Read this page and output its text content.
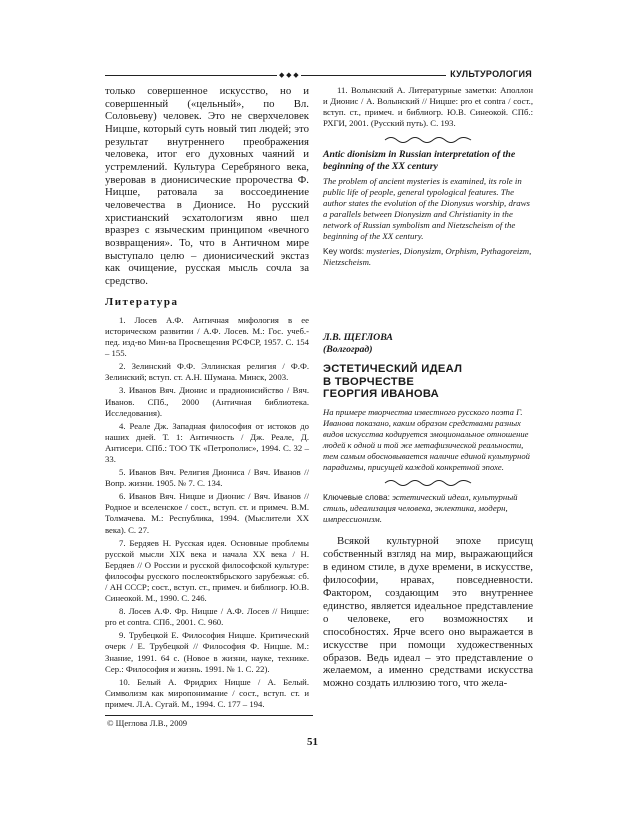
◆ ◆ ◆	КУЛЬТУРОЛОГИЯ

только совершенное искусство, но и совершенный («цельный», по Вл. Соловьеву) человек. Это не сверхчеловек Ницше, который суть новый тип людей; это результат внутреннего преображения человека, итог его духовных чаяний и устремлений. Культура Серебряного века, уверовав в дионисические пророчества Ф. Ницше, ратовала за воссоединение человечества в Дионисе. Но русский христианский эсхатологизм явно шел вразрез с языческим принципом «вечного возвращения». То, что в Античном мире выступало целю – дионисический экстаз как очищение, русская мысль сочла за средство.

Литература

1. Лосев А.Ф. Античная мифология в ее историческом развитии / А.Ф. Лосев. М.: Гос. учеб.-пед. изд-во Мин-ва Просвещения РСФСР, 1957. С. 154 – 155.

2. Зелинский Ф.Ф. Эллинская религия / Ф.Ф. Зелинский; вступ. ст. А.Н. Шумана. Минск, 2003.

3. Иванов Вяч. Дионис и прадионисийство / Вяч. Иванов. СПб., 2000 (Античная библиотека. Исследования).

4. Реале Дж. Западная философия от истоков до наших дней. Т. 1: Античность / Дж. Реале, Д. Антисери. СПб.: ТОО ТК «Петрополис», 1994. С. 32 – 33.

5. Иванов Вяч. Религия Диониса / Вяч. Иванов // Вопр. жизни. 1905. № 7. С. 134.

6. Иванов Вяч. Ницше и Дионис / Вяч. Иванов // Родное и вселенское / сост., вступ. ст. и примеч. В.М. Толмачева. М.: Республика, 1994. (Мыслители XX века). С. 27.

7. Бердяев Н. Русская идея. Основные проблемы русской мысли XIX века и начала XX века / Н. Бердяев // О России и русской философской культуре: философы русского послеоктябрьского зарубежья: сб. / АН СССР; сост., вступ. ст., примеч. и библиогр. Ю.В. Синеокой. М., 1990. С. 246.

8. Лосев А.Ф. Фр. Ницше / А.Ф. Лосев // Ницше: pro et contra. СПб., 2001. С. 960.

9. Трубецкой Е. Философия Ницше. Критический очерк / Е. Трубецкой // Философия Ф. Ницше. М.: Знание, 1991. 64 с. (Новое в жизни, науке, технике. Сер.: Философия и жизнь. 1991. № 1. С. 22).

10. Белый А. Фридрих Ницше / А. Белый. Символизм как миропонимание / сост., вступ. ст. и примеч. Л.А. Сугай. М., 1994. С. 177 – 194.

11. Волынский А. Литературные заметки: Аполлон и Дионис / А. Волынский // Ницше: pro et contra / сост., вступ. ст., примеч. и библиогр. Ю.В. Синеокой. СПб.: РХГИ, 2001. (Русский путь). С. 193.

Antic dionisizm in Russian interpretation of the beginning of the XX century

The problem of ancient mysteries is examined, its role in public life of people, general typological features. The author states the evolution of the Dionysus worship, draws a parallels between Dionysizm and Christianity in the network of Russian symbolism and Nietzscheism of the beginning of the XX century.

Key words: mysteries, Dionysizm, Orphism, Pythagoreizm, Nietzscheism.

Л.В. ЩЕГЛОВА
(Волгоград)
ЭСТЕТИЧЕСКИЙ ИДЕАЛ
В ТВОРЧЕСТВЕ
ГЕОРГИЯ ИВАНОВА

На примере творчества известного русского поэта Г. Иванова показано, каким образом средствами разных видов искусства кодируется эмоциональное отношение людей к одной и той же метафизической реальности, тем самым обосновывается наличие единой культурной парадигмы, присущей каждой конкретной эпохе.

Ключевые слова: эстетический идеал, культурный стиль, идеализация человека, эклектика, модерн, импрессионизм.

Всякой культурной эпохе присущ собственный взгляд на мир, выражающийся в едином стиле, в духе времени, в искусстве, философии, нравах, повседневности. Фактором, создающим это внутреннее единство, является идеальное представление о человеке, его возможностях и способностях. Ярче всего оно выражается в искусстве при помощи художественных образов. Ведь идеал – это представление о желаемом, а именно средствами искусства можно создать иллюзию того, что жела-

© Щеглова Л.В., 2009
51
